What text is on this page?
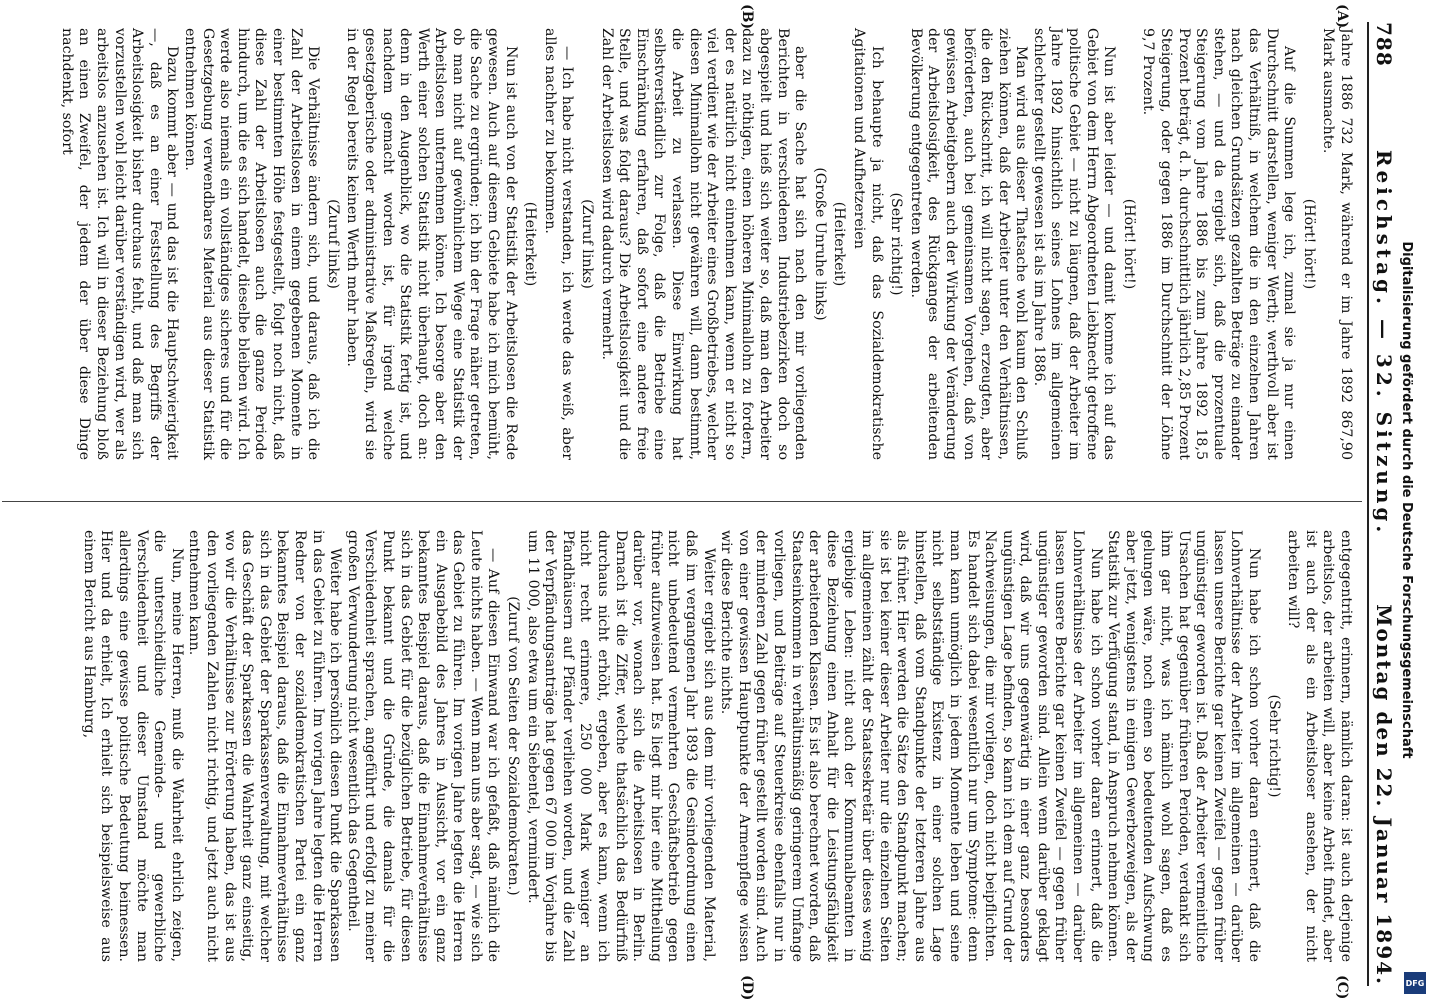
788
Reichstag. — 32. Sitzung.
Montag den 22. Januar 1894.
(A)
(B)
(C)
(D)

Jahre 1886 732 Mark, während er im Jahre 1892 867,90 Mark ausmachte.

(Hört! hört!)

Auf die Summen lege ich, zumal sie ja nur einen Durchschnitt darstellen, weniger Werth; werthvoll aber ist das Verhältniß, in welchem die in den einzelnen Jahren nach gleichen Grundsätzen gezahlten Beträge zu einander stehen, — und da ergiebt sich, daß die prozentuale Steigerung vom Jahre 1886 bis zum Jahre 1892 18,5 Prozent beträgt, d. h. durchschnittlich jährlich 2,85 Prozent Steigerung, oder gegen 1886 im Durchschnitt der Löhne 9,7 Prozent.

(Hört! hört!)

Nun ist aber leider — und damit komme ich auf das Gebiet von dem Herrn Abgeordneten Liebknecht getroffene politische Gebiet — nicht zu läugnen, daß der Arbeiter im Jahre 1892 hinsichtlich seines Lohnes im allgemeinen schlechter gestellt gewesen ist als im Jahre 1886.

Man wird aus dieser Thatsache wohl kaum den Schluß ziehen können, daß der Arbeiter unter den Verhältnissen, die den Rückschritt, ich will nicht sagen, erzeugten, aber beförderten, auch bei gemeinsamen Vorgehen, daß von gewissen Arbeitgebern auch der Wirkung der Veränderung der Arbeitslosigkeit, des Rückganges der arbeitenden Bevölkerung entgegentreten werden.

(Sehr richtig!)

Ich behaupte ja nicht, daß das Sozialdemokratische Agitationen und Aufhetzereien

(Heiterkeit)

(Große Unruhe links)

aber die Sache hat sich nach den mir vorliegenden Berichten in verschiedenen Industriebezirken doch so abgespielt und hieß sich weiter so, daß man den Arbeiter dazu zu nöthigen, einen höheren Minimallohn zu fordern, der es natürlich nicht einnehmen kann, wenn er nicht so viel verdient wie der Arbeiter eines Großbetriebes, welcher diesen Minimallohn nicht gewähren will, dann bestimmt, die Arbeit zu verlassen. Diese Einwirkung hat selbstverständlich zur Folge, daß die Betriebe eine Einschränkung erfahren, daß sofort eine andere freie Stelle, und was folgt daraus? Die Arbeitslosigkeit und die Zahl der Arbeitslosen wird dadurch vermehrt.

(Zuruf links)

— Ich habe nicht verstanden, ich werde das weiß, aber alles nachher zu bekommen.

(Heiterkeit)

Nun ist auch von der Statistik der Arbeitslosen die Rede gewesen. Auch auf diesem Gebiete habe ich mich bemüht, die Sache zu ergründen; ich bin der Frage näher getreten, ob man nicht auf gewöhnlichem Wege eine Statistik der Arbeitslosen unternehmen könne. Ich besorge aber den Werth einer solchen Statistik nicht überhaupt, doch an: denn in den Augenblick, wo die Statistik fertig ist, und nachdem gemacht worden ist, für irgend welche gesetzgeberische oder administrative Maßregeln, wird sie in der Regel bereits keinen Werth mehr haben.

(Zuruf links)

Die Verhältnisse ändern sich, und daraus, daß ich die Zahl der Arbeitslosen in einem gegebenen Momente in einer bestimmten Höhe festgestellt, folgt noch nicht, daß diese Zahl der Arbeitslosen auch die ganze Periode hindurch, um die es sich handelt, dieselbe bleiben wird. Ich werde also niemals ein vollständiges sicheres und für die Gesetzgebung verwendbares Material aus dieser Statistik entnehmen können.

Dazu kommt aber — und das ist die Hauptschwierigkeit —, daß es an einer Feststellung des Begriffs der Arbeitslosigkeit bisher durchaus fehlt, und daß man sich vorzustellen wohl leicht darüber verständigen wird, wer als arbeitslos anzusehen ist. Ich will in dieser Beziehung bloß an einen Zweifel, der jedem der über diese Dinge nachdenkt, sofort

entgegentritt, erinnern, nämlich daran: ist auch derjenige arbeitslos, der arbeiten will, aber keine Arbeit findet, aber ist auch der als ein Arbeitsloser ansehen, der nicht arbeiten will?

(Sehr richtig!)

Nun habe ich schon vorher daran erinnert, daß die Lohnverhältnisse der Arbeiter im allgemeinen — darüber lassen unsere Berichte gar keinen Zweifel — gegen früher ungünstiger geworden ist. Daß der Arbeiter vermeintliche Ursachen hat gegenüber früheren Perioden, verdankt sich ihm gar nicht, was ich nämlich wohl sagen, daß es gelungen wäre, noch einen so bedeutenden Aufschwung aber jetzt, wenigstens in einigen Gewerbezweigen, als der Statistik zur Verfügung stand, in Anspruch nehmen können.

Nun habe ich schon vorher daran erinnert, daß die Lohnverhältnisse der Arbeiter im allgemeinen — darüber lassen unsere Berichte gar keinen Zweifel — gegen früher ungünstiger geworden sind. Allein wenn darüber geklagt wird, daß wir uns gegenwärtig in einer ganz besonders ungünstigen Lage befinden, so kann ich dem auf Grund der Nachweisungen, die mir vorliegen, doch nicht beipflichten. Es handelt sich dabei wesentlich nur um Symptome: denn man kann unmöglich in jedem Momente leben und seine nicht selbstständige Existenz in einer solchen Lage hinstellen, daß vom Standpunkte der letzteren Jahre aus als früher. Hier werden die Sätze den Standpunkt machen; sie ist bei keiner dieser Arbeiter nur die einzelnen Seiten im allgemeinen zählt der Staatssekretär über dieses wenig ergiebige Leben: nicht auch der Kommunalbeamten in diese Beziehung einen Anhalt für die Leistungsfähigkeit der arbeitenden Klassen. Es ist also berechnet worden, daß Staatseinkommen in verhältnismäßig geringerem Umfange vorliegen, und Beiträge auf Steuerkreise ebenfalls nur in der minderen Zahl gegen früher gestellt worden sind. Auch von einer gewissen Hauptpunkte der Armenpflege wissen wir diese Berichte nichts.

Weiter ergiebt sich aus dem mir vorliegenden Material, daß im vergangenen Jahr 1893 die Gesindeordnung einen nicht unbedeutend vermehrten Geschäftsbetrieb gegen früher aufzuweisen hat. Es liegt mir hier eine Mittheilung darüber vor, wonach sich die Arbeitslosen in Berlin. Darnach ist die Ziffer, welche thatsächlich das Bedürfniß durchaus nicht erhöht, ergeben, aber es kann, wenn ich nicht recht erinnere, 250 000 Mark weniger an Pfandhäusern auf Pfänder verliehen worden, und die Zahl der Verpfändungsanträge hat gegen 67 000 im Vorjahre bis um 11 000, also etwa um ein Siebentel, vermindert.

(Zuruf von Seiten der Sozialdemokraten.)

— Auf diesen Einwand war ich gefaßt, daß nämlich die Leute nichts haben. — Wenn man uns aber sagt, — wie sich das Gebiet zu führen. Im vorigen Jahre legten die Herren ein Ausgabebild des Jahres in Aussicht, vor ein ganz bekanntes Beispiel daraus, daß die Einnahmeverhältnisse sich in das Gebiet für die bezüglichen Betriebe, für diesen Punkt bekannt und die Gründe, die damals für die Verschiedenheit sprachen, angeführt und erfolgt zu meiner großen Verwunderung nicht wesentlich das Gegentheil.

Weiter habe ich persönlich diesen Punkt die Sparkassen in das Gebiet zu führen. Im vorigen Jahre legten die Herren Redner von der sozialdemokratischen Partei ein ganz bekanntes Beispiel daraus, daß die Einnahmeverhältnisse sich in das Gebiet der Sparkassenverwaltung, mit welcher das Geschäft der Sparkassen die Wahrheit ganz einseitig, wo wir die Verhältnisse zur Erörterung haben, das ist aus den vorliegenden Zahlen nicht richtig, und jetzt auch nicht entnehmen kann.

Nun, meine Herren, muß die Wahrheit ehrlich zeigen, die unterschiedliche Gemeinde- und gewerbliche Verschiedenheit und dieser Umstand möchte man allerdings eine gewisse politische Bedeutung beimessen. Hier und da erhielt, Ich erhielt sich beispielsweise aus einem Bericht aus Hamburg,	Digitalisierung gefördert durch die Deutsche Forschungsgemeinschaft
DFG
